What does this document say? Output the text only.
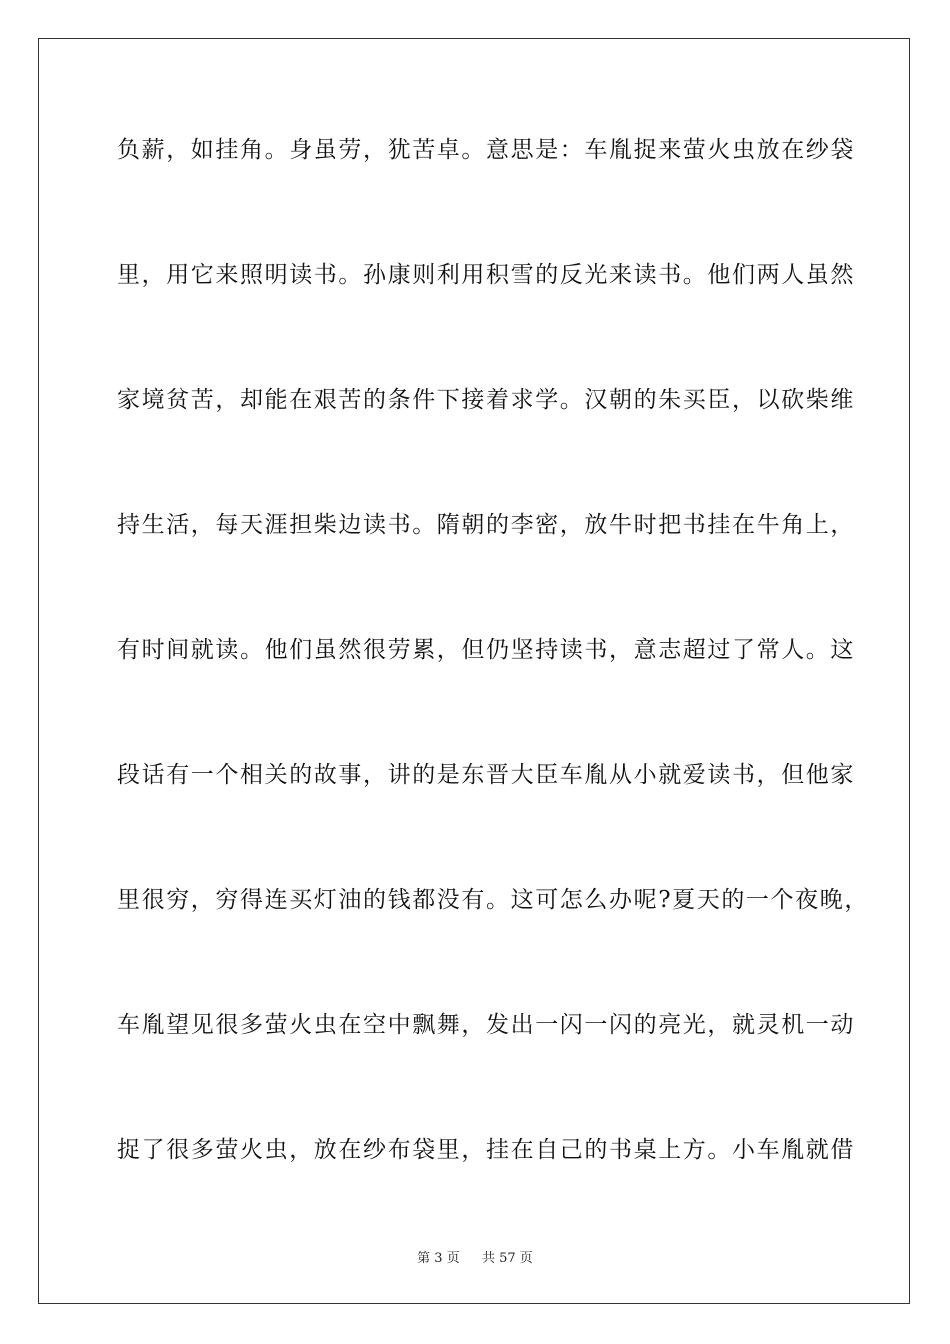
负薪，如挂角。身虽劳，犹苦卓。意思是：车胤捉来萤火虫放在纱袋
里，用它来照明读书。孙康则利用积雪的反光来读书。他们两人虽然
家境贫苦，却能在艰苦的条件下接着求学。汉朝的朱买臣，以砍柴维
持生活，每天涯担柴边读书。隋朝的李密，放牛时把书挂在牛角上，
有时间就读。他们虽然很劳累，但仍坚持读书，意志超过了常人。这
段话有一个相关的故事，讲的是东晋大臣车胤从小就爱读书，但他家
里很穷，穷得连买灯油的钱都没有。这可怎么办呢?夏天的一个夜晚，
车胤望见很多萤火虫在空中飘舞，发出一闪一闪的亮光，就灵机一动
捉了很多萤火虫，放在纱布袋里，挂在自己的书桌上方。小车胤就借
第 3 页 共 57 页
